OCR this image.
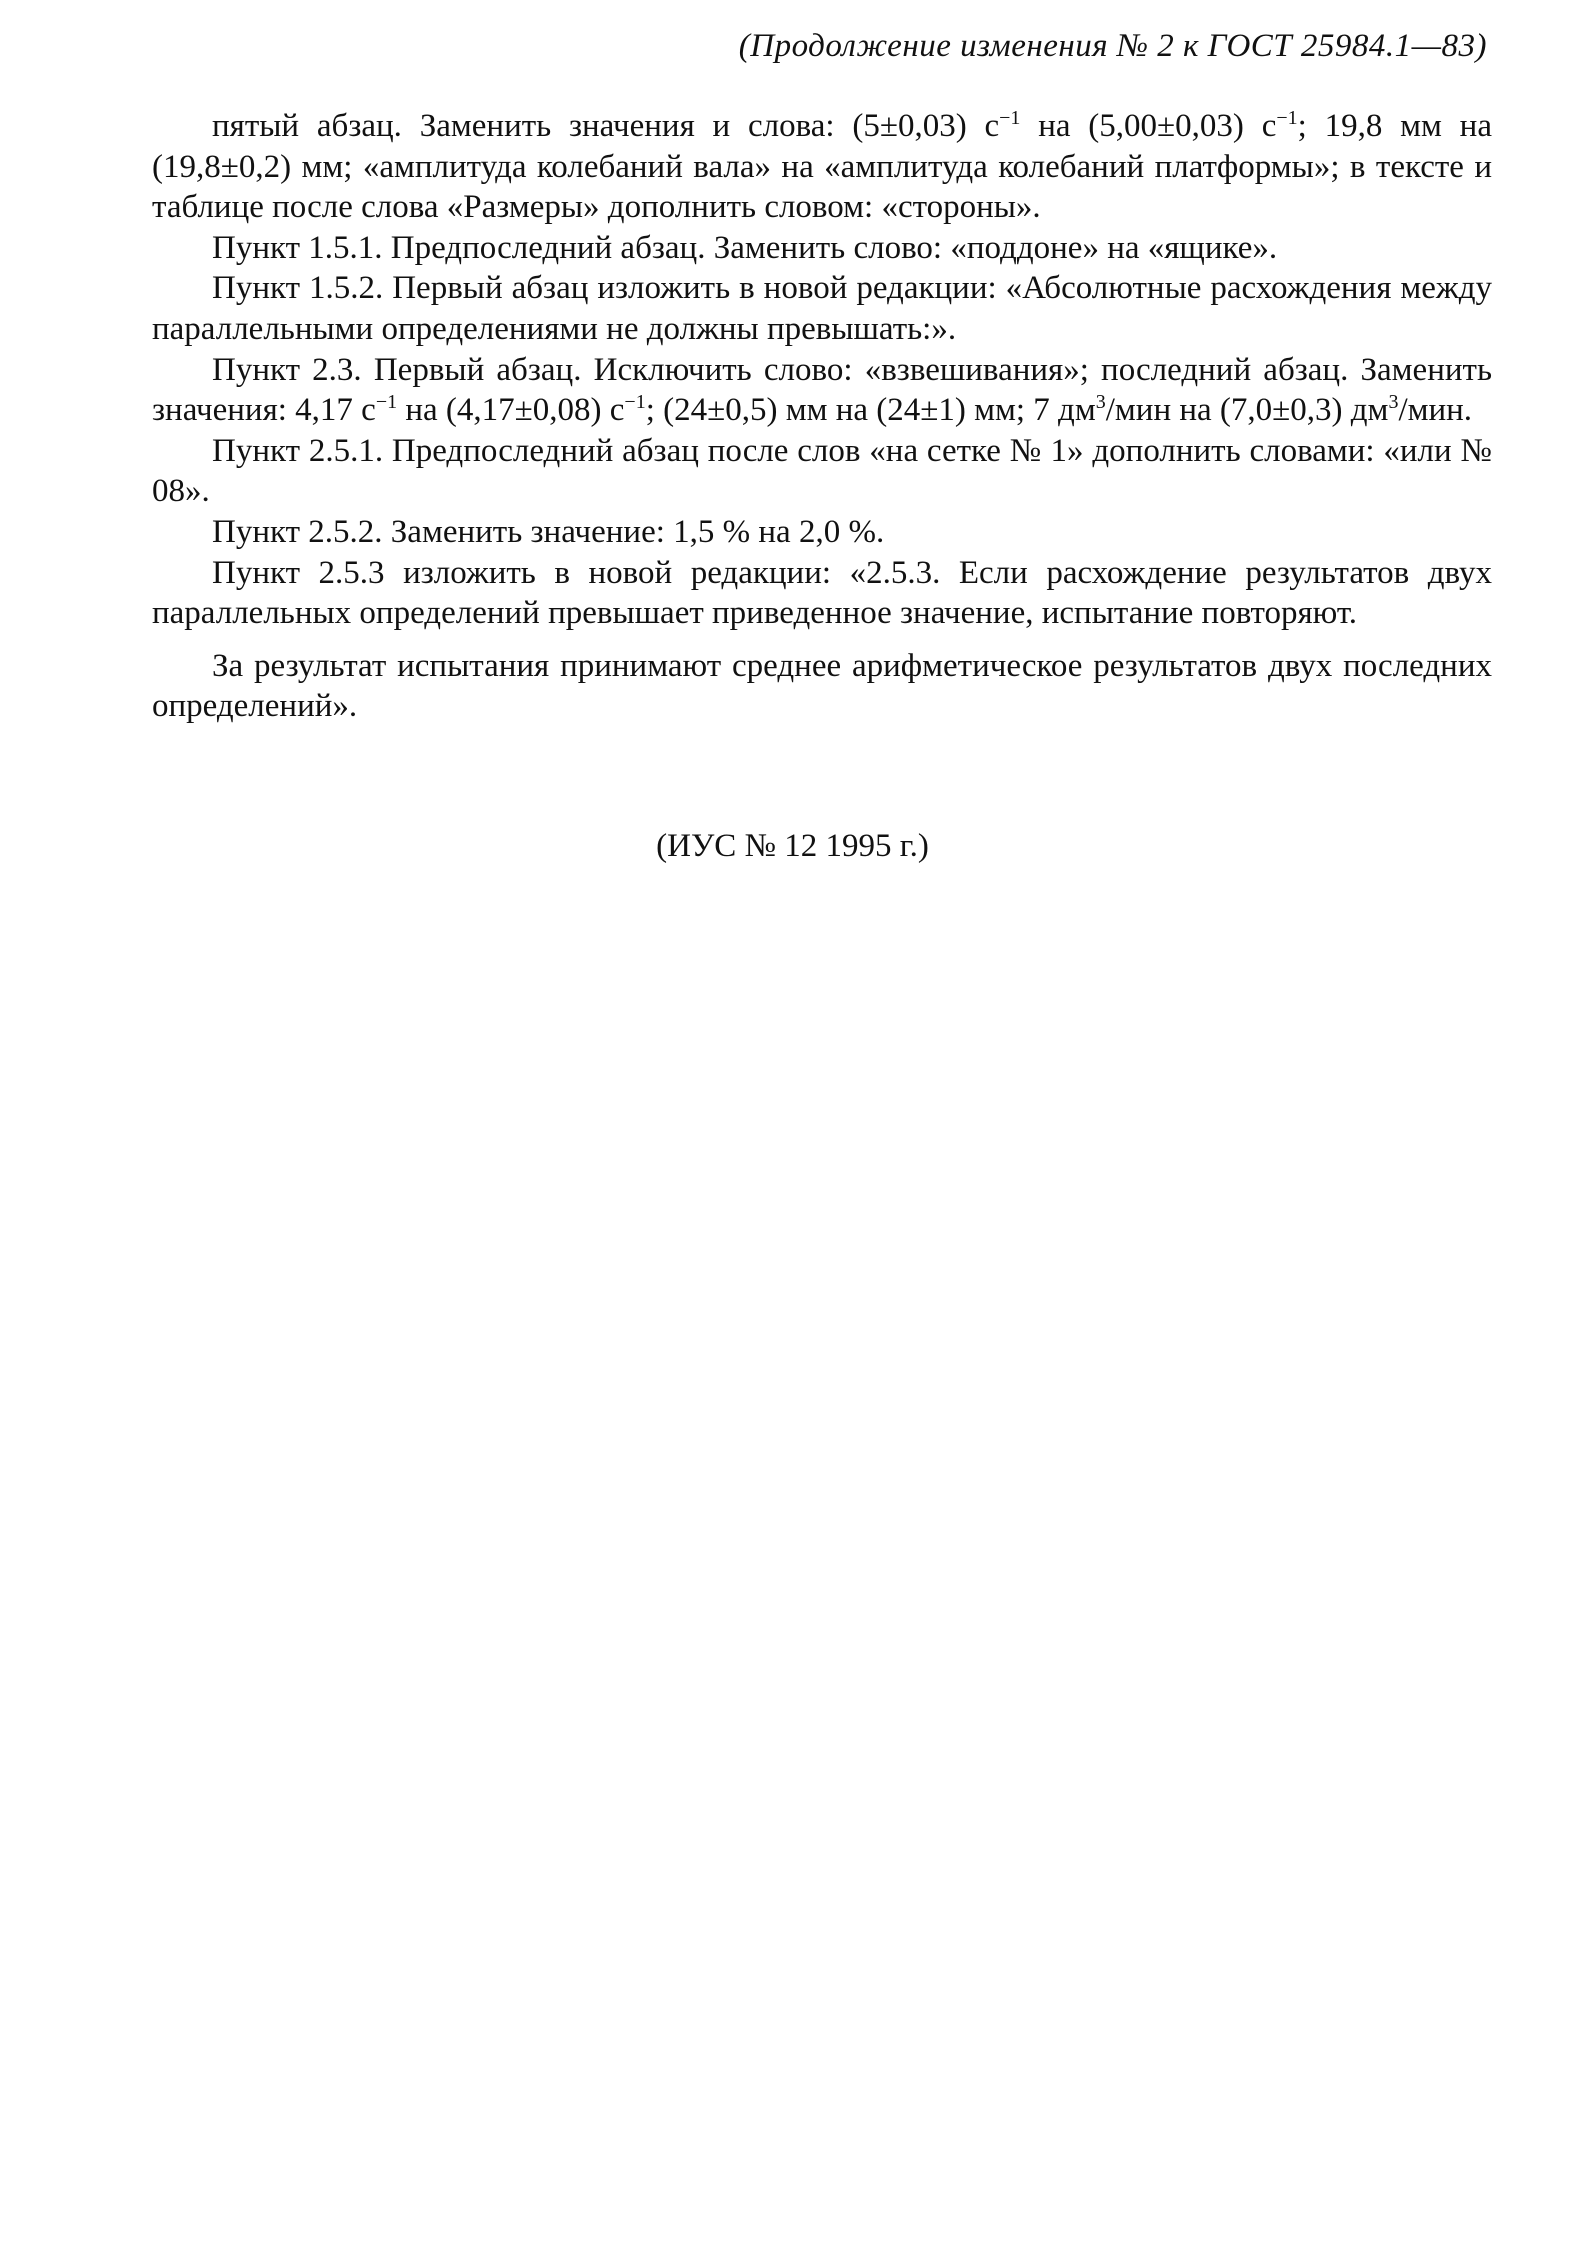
(Продолжение изменения № 2 к ГОСТ 25984.1—83)

пятый абзац. Заменить значения и слова: (5±0,03) $с^{-1}$ на (5,00±0,03) $с^{-1}$; 19,8 мм на (19,8±0,2) мм; «амплитуда колебаний вала» на «амплитуда колебаний платформы»; в тексте и таблице после слова «Размеры» дополнить словом: «стороны».

Пункт 1.5.1. Предпоследний абзац. Заменить слово: «поддоне» на «ящике».

Пункт 1.5.2. Первый абзац изложить в новой редакции: «Абсолютные расхождения между параллельными определениями не должны превышать:».

Пункт 2.3. Первый абзац. Исключить слово: «взвешивания»; последний абзац. Заменить значения: 4,17 $с^{-1}$ на (4,17±0,08) $с^{-1}$; (24±0,5) мм на (24±1) мм; 7 $дм^3$/мин на (7,0±0,3) $дм^3$/мин.

Пункт 2.5.1. Предпоследний абзац после слов «на сетке № 1» дополнить словами: «или № 08».

Пункт 2.5.2. Заменить значение: 1,5 % на 2,0 %.

Пункт 2.5.3 изложить в новой редакции: «2.5.3. Если расхождение результатов двух параллельных определений превышает приведенное значение, испытание повторяют.

За результат испытания принимают среднее арифметическое результатов двух последних определений».

(ИУС № 12 1995 г.)
